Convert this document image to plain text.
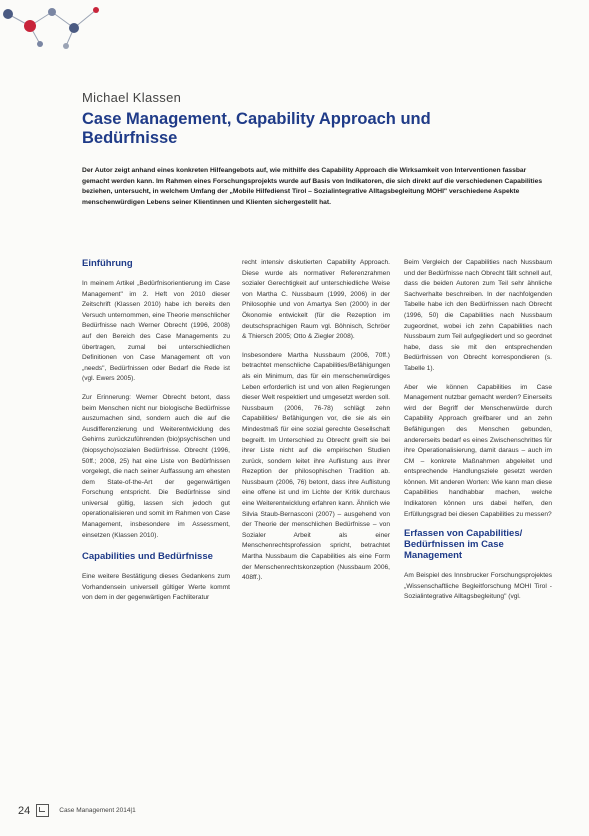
Michael Klassen
Case Management, Capability Approach und Bedürfnisse

Der Autor zeigt anhand eines konkreten Hilfeangebots auf, wie mithilfe des Capability Approach die Wirksamkeit von Interventionen fassbar gemacht werden kann. Im Rahmen eines Forschungsprojekts wurde auf Basis von Indikatoren, die sich direkt auf die verschiedenen Capabilities beziehen, untersucht, in welchem Umfang der „Mobile Hilfedienst Tirol – Sozialintegrative Alltagsbegleitung MOHI" verschiedene Aspekte menschenwürdigen Lebens seiner Klientinnen und Klienten sichergestellt hat.

Einführung

In meinem Artikel „Bedürfnisorientierung im Case Management" im 2. Heft von 2010 dieser Zeitschrift (Klassen 2010) habe ich bereits den Versuch unternommen, eine Theorie menschlicher Bedürfnisse nach Werner Obrecht (1996, 2008) auf den Bereich des Case Managements zu übertragen, zumal bei unterschiedlichen Definitionen von Case Management oft von „needs", Bedürfnissen oder Bedarf die Rede ist (vgl. Ewers 2005).

Zur Erinnerung: Werner Obrecht betont, dass beim Menschen nicht nur biologische Bedürfnisse auszumachen sind, sondern auch die auf die Ausdifferenzierung und Weiterentwicklung des Gehirns zurückzuführenden (bio)psychischen und (biopsycho)sozialen Bedürfnisse. Obrecht (1996, 50ff.; 2008, 25) hat eine Liste von Bedürfnissen vorgelegt, die nach seiner Auffassung am ehesten dem State-of-the-Art der gegenwärtigen Forschung entspricht. Die Bedürfnisse sind universal gültig, lassen sich jedoch gut operationalisieren und somit im Rahmen von Case Management, insbesondere im Assessment, einsetzen (Klassen 2010).

Capabilities und Bedürfnisse

Eine weitere Bestätigung dieses Gedankens zum Vorhandensein universell gültiger Werte kommt von dem in der gegenwärtigen Fachliteratur

recht intensiv diskutierten Capability Approach. Diese wurde als normativer Referenzrahmen sozialer Gerechtigkeit auf unterschiedliche Weise von Martha C. Nussbaum (1999, 2006) in der Philosophie und von Amartya Sen (2000) in der Ökonomie entwickelt (für die Rezeption im deutschsprachigen Raum vgl. Böhnisch, Schröer & Thiersch 2005; Otto & Ziegler 2008).

Insbesondere Martha Nussbaum (2006, 70ff.) betrachtet menschliche Capabilities/Befähigungen als ein Minimum, das für ein menschenwürdiges Leben erforderlich ist und von allen Regierungen dieser Welt respektiert und umgesetzt werden soll. Nussbaum (2006, 76-78) schlägt zehn Capabilities/ Befähigungen vor, die sie als ein Mindestmaß für eine sozial gerechte Gesellschaft begreift. Im Unterschied zu Obrecht greift sie bei ihrer Liste nicht auf die empirischen Studien zurück, sondern leitet ihre Auflistung aus ihrer Rezeption der philosophischen Tradition ab. Nussbaum (2006, 76) betont, dass ihre Auflistung eine offene ist und im Lichte der Kritik durchaus eine Weiterentwicklung erfahren kann. Ähnlich wie Silvia Staub-Bernasconi (2007) – ausgehend von der Theorie der menschlichen Bedürfnisse – von Sozialer Arbeit als einer Menschenrechtsprofession spricht, betrachtet Martha Nussbaum die Capabilities als eine Form der Menschenrechtskonzeption (Nussbaum 2006, 408ff.).

Beim Vergleich der Capabilities nach Nussbaum und der Bedürfnisse nach Obrecht fällt schnell auf, dass die beiden Autoren zum Teil sehr ähnliche Sachverhalte beschreiben. In der nachfolgenden Tabelle habe ich den Bedürfnissen nach Obrecht (1996, 50) die Capabilities nach Nussbaum zugeordnet, wobei ich zehn Capabilities nach Nussbaum zum Teil aufgegliedert und so geordnet habe, dass sie mit den entsprechenden Bedürfnissen von Obrecht korrespondieren (s. Tabelle 1).

Aber wie können Capabilities im Case Management nutzbar gemacht werden? Einerseits wird der Begriff der Menschenwürde durch Capability Approach greifbarer und an zehn Befähigungen des Menschen gebunden, andererseits bedarf es eines Zwischenschrittes für ihre Operationalisierung, damit daraus – auch im CM – konkrete Maßnahmen abgeleitet und entsprechende Handlungsziele gesetzt werden können. Mit anderen Worten: Wie kann man diese Capabilities handhabbar machen, welche Indikatoren können uns dabei helfen, den Erfüllungsgrad bei diesen Capabilities zu messen?

Erfassen von Capabilities/ Bedürfnissen im Case Management

Am Beispiel des Innsbrucker Forschungsprojektes „Wissenschaftliche Begleitforschung MOHI Tirol - Sozialintegrative Alltagsbegleitung" (vgl.

24	Case Management 2014|1
